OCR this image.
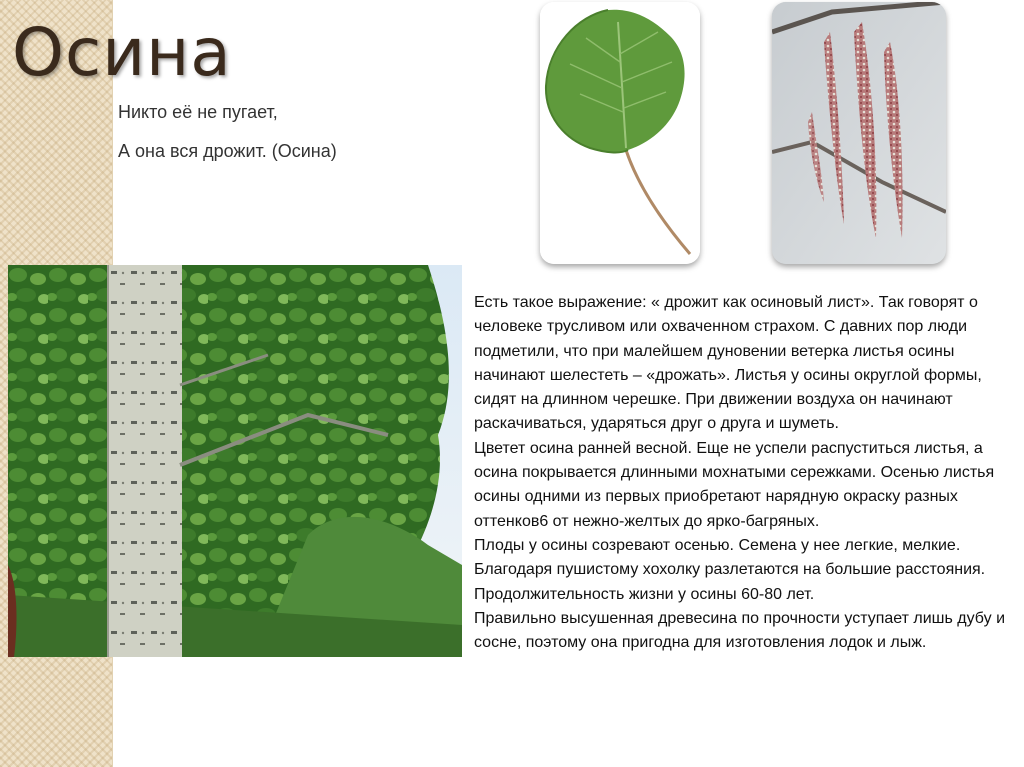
Осина

Никто её не пугает,

А она вся дрожит. (Осина)

Есть такое выражение: « дрожит как осиновый лист». Так говорят о человеке трусливом или охваченном страхом. С давних пор люди подметили, что при малейшем дуновении ветерка листья осины начинают шелестеть – «дрожать». Листья у осины округлой формы, сидят на длинном черешке. При движении воздуха он начинают раскачиваться, ударяться друг о друга и шуметь.

Цветет осина ранней весной. Еще не успели распуститься листья, а осина покрывается длинными мохнатыми сережками. Осенью листья осины одними из первых приобретают нарядную окраску разных оттенков6 от нежно-желтых до ярко-багряных.

Плоды у осины созревают осенью. Семена у нее легкие, мелкие. Благодаря пушистому хохолку разлетаются на большие расстояния. Продолжительность жизни у осины 60-80 лет.

Правильно высушенная древесина по прочности уступает лишь дубу и сосне, поэтому она пригодна для изготовления лодок и лыж.
